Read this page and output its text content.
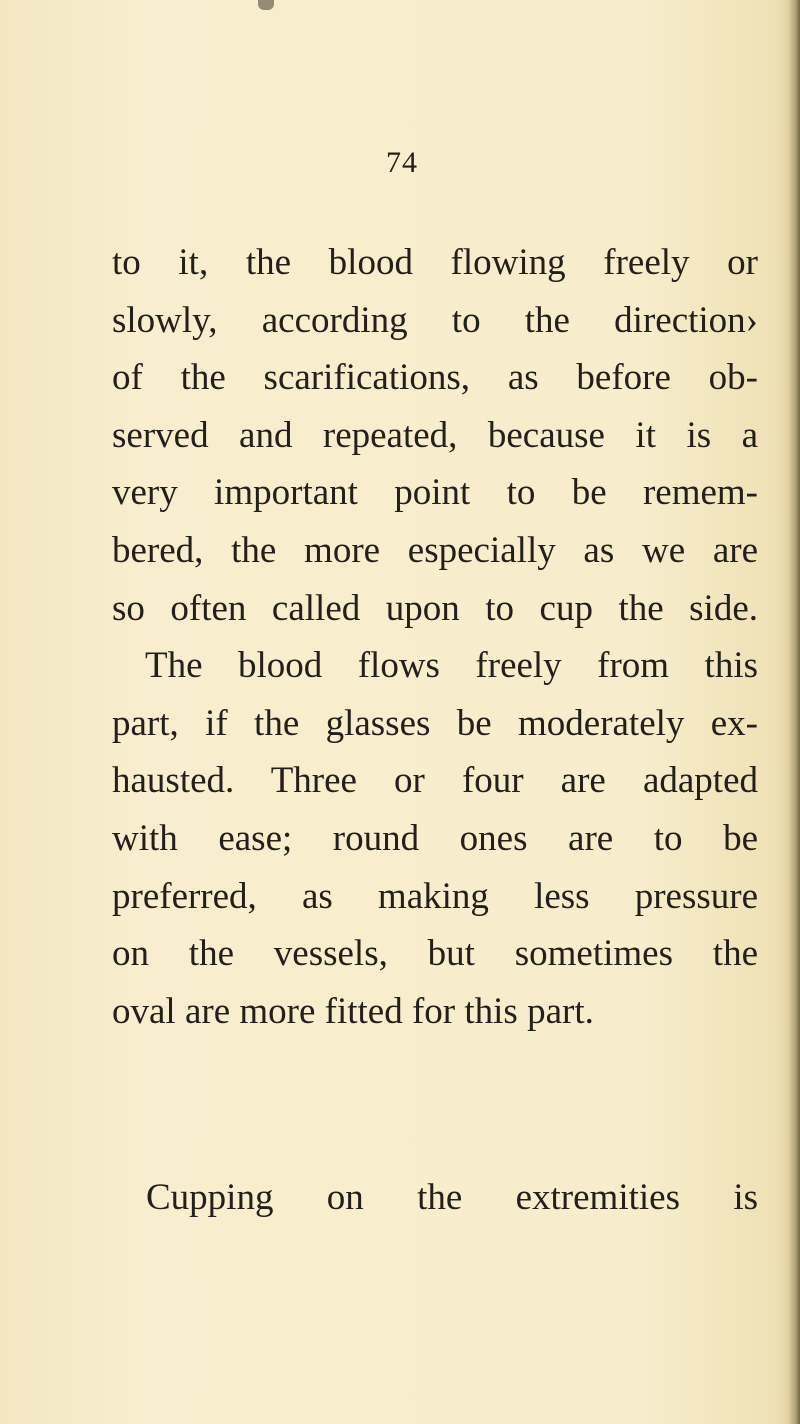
74
to it, the blood flowing freely or
slowly, according to the direction›
of the scarifications, as before ob-
served and repeated, because it is a
very important point to be remem-
bered, the more especially as we are
so often called upon to cup the side.
The blood flows freely from this
part, if the glasses be moderately ex-
hausted. Three or four are adapted
with ease; round ones are to be
preferred, as making less pressure
on the vessels, but sometimes the
oval are more fitted for this part.
Cupping on the extremities is
